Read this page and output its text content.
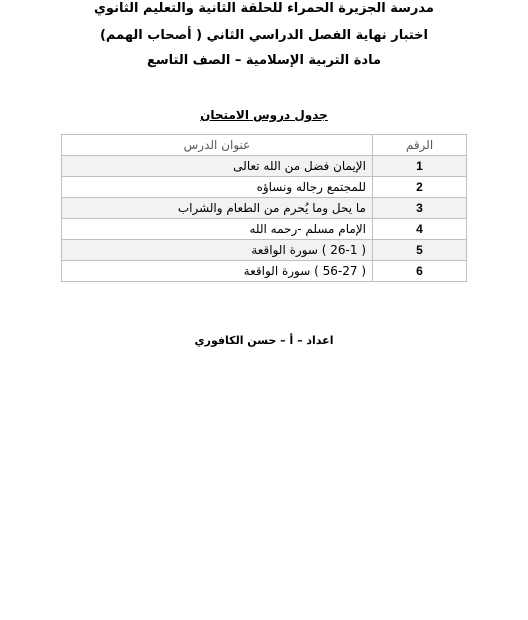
مدرسة الجزيرة الحمراء للحلقة الثانية والتعليم الثانوي
اختبار نهاية الفصل الدراسي الثاني ( أصحاب الهمم)
مادة التربية الإسلامية – الصف التاسع
جدول دروس الامتحان
الرقم	عنوان الدرس
1	الإيمان فضل من الله تعالى
2	للمجتمع رجاله ونساؤه
3	ما يحل وما يُحرم من الطعام والشراب
4	الإمام مسلم -رحمه الله
5	( 26-1 ) سورة الواقعة
6	( 56-27 ) سورة الواقعة
اعداد – أ – حسن الكافوري
